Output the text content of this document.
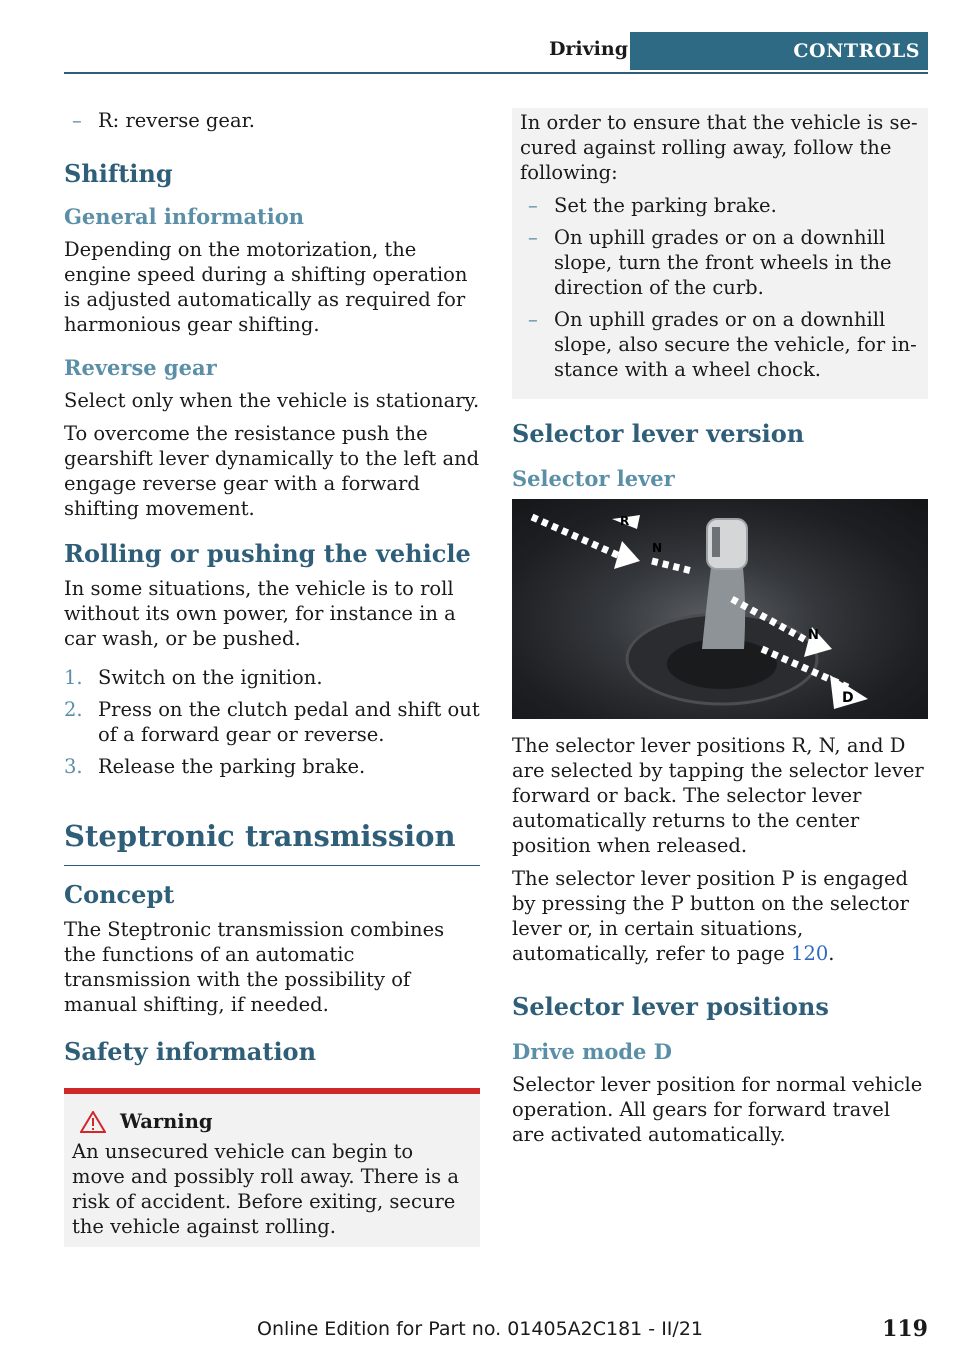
Driving	CONTROLS
– R: reverse gear.
Shifting
General information

Depending on the motorization, the engine speed during a shifting operation is adjusted automatically as required for harmonious gear shifting.

Reverse gear

Select only when the vehicle is stationary.

To overcome the resistance push the gearshift lever dynamically to the left and engage reverse gear with a forward shifting movement.

Rolling or pushing the vehicle

In some situations, the vehicle is to roll without its own power, for instance in a car wash, or be pushed.

1. Switch on the ignition.
2. Press on the clutch pedal and shift out of a forward gear or reverse.
3. Release the parking brake.
Steptronic transmission
Concept

The Steptronic transmission combines the functions of an automatic transmission with the possibility of manual shifting, if needed.

Safety information
Warning

An unsecured vehicle can begin to move and possibly roll away. There is a risk of accident. Before exiting, secure the vehicle against rolling.

In order to ensure that the vehicle is secured against rolling away, follow the following:

– Set the parking brake.
– On uphill grades or on a downhill slope, turn the front wheels in the direction of the curb.
– On uphill grades or on a downhill slope, also secure the vehicle, for instance with a wheel chock.
Selector lever version
Selector lever
R
N
N
D

The selector lever positions R, N, and D are selected by tapping the selector lever forward or back. The selector lever automatically returns to the center position when released.

The selector lever position P is engaged by pressing the P button on the selector lever or, in certain situations, automatically, refer to page 120.

Selector lever positions
Drive mode D

Selector lever position for normal vehicle operation. All gears for forward travel are activated automatically.

Online Edition for Part no. 01405A2C181 - II/21	119
